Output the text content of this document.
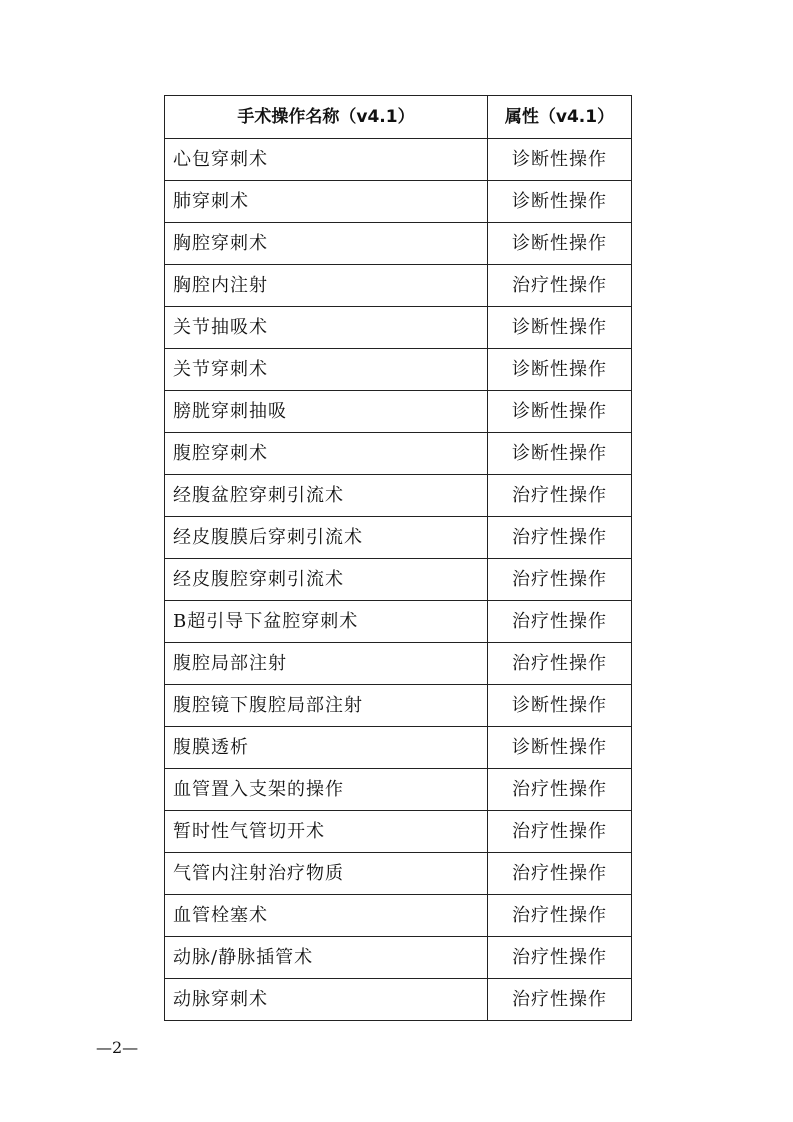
手术操作名称（v4.1）	属性（v4.1）
心包穿刺术	诊断性操作
肺穿刺术	诊断性操作
胸腔穿刺术	诊断性操作
胸腔内注射	治疗性操作
关节抽吸术	诊断性操作
关节穿刺术	诊断性操作
膀胱穿刺抽吸	诊断性操作
腹腔穿刺术	诊断性操作
经腹盆腔穿刺引流术	治疗性操作
经皮腹膜后穿刺引流术	治疗性操作
经皮腹腔穿刺引流术	治疗性操作
B超引导下盆腔穿刺术	治疗性操作
腹腔局部注射	治疗性操作
腹腔镜下腹腔局部注射	诊断性操作
腹膜透析	诊断性操作
血管置入支架的操作	治疗性操作
暂时性气管切开术	治疗性操作
气管内注射治疗物质	治疗性操作
血管栓塞术	治疗性操作
动脉/静脉插管术	治疗性操作
动脉穿刺术	治疗性操作
—2—
